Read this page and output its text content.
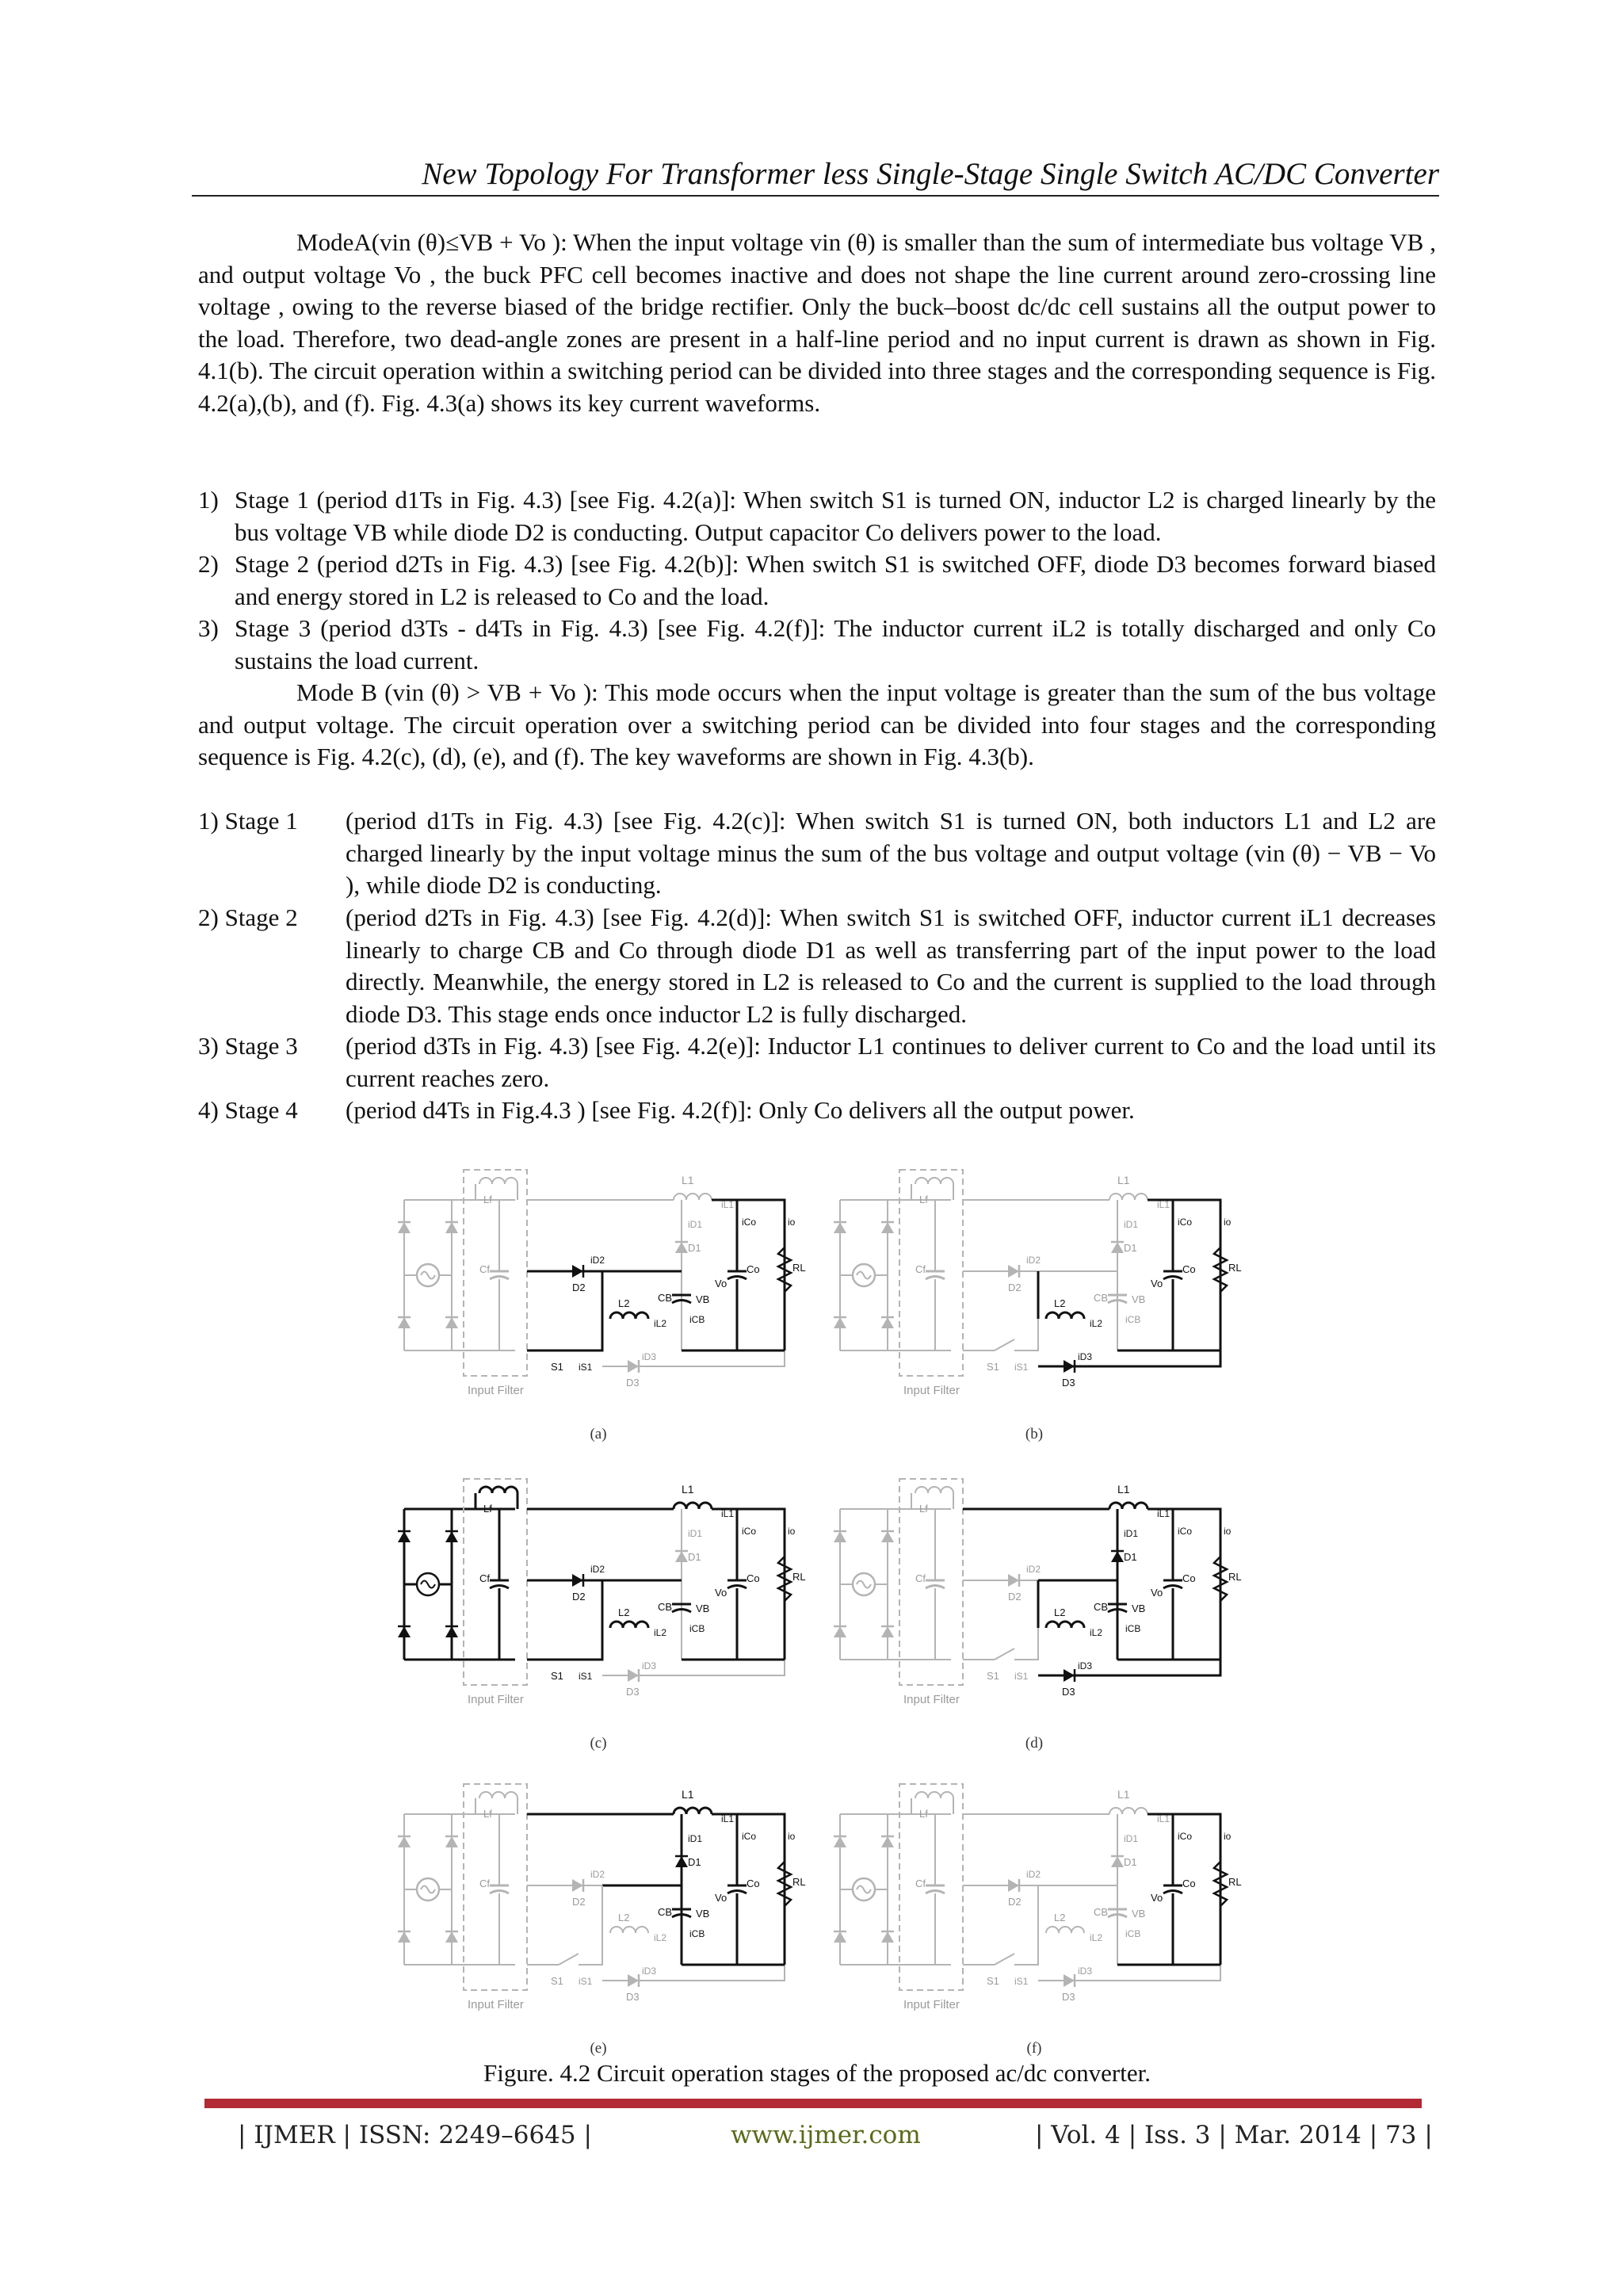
New Topology For Transformer less Single-Stage Single Switch AC/DC Converter
ModeA(vin (θ)≤VB + Vo ): When the input voltage vin (θ) is smaller than the sum of intermediate bus voltage VB , and output voltage Vo , the buck PFC cell becomes inactive and does not shape the line current around zero-crossing line voltage , owing to the reverse biased of the bridge rectifier. Only the buck–boost dc/dc cell sustains all the output power to the load. Therefore, two dead-angle zones are present in a half-line period and no input current is drawn as shown in Fig. 4.1(b). The circuit operation within a switching period can be divided into three stages and the corresponding sequence is Fig. 4.2(a),(b), and (f). Fig. 4.3(a) shows its key current waveforms.
1) Stage 1 (period d1Ts in Fig. 4.3) [see Fig. 4.2(a)]: When switch S1 is turned ON, inductor L2 is charged linearly by the bus voltage VB while diode D2 is conducting. Output capacitor Co delivers power to the load.
2) Stage 2 (period d2Ts in Fig. 4.3) [see Fig. 4.2(b)]: When switch S1 is switched OFF, diode D3 becomes forward biased and energy stored in L2 is released to Co and the load.
3) Stage 3 (period d3Ts - d4Ts in Fig. 4.3) [see Fig. 4.2(f)]: The inductor current iL2 is totally discharged and only Co sustains the load current.
Mode B (vin (θ) > VB + Vo ): This mode occurs when the input voltage is greater than the sum of the bus voltage and output voltage. The circuit operation over a switching period can be divided into four stages and the corresponding sequence is Fig. 4.2(c), (d), (e), and (f). The key waveforms are shown in Fig. 4.3(b).
1) Stage 1	(period d1Ts in Fig. 4.3) [see Fig. 4.2(c)]: When switch S1 is turned ON, both inductors L1 and L2 are charged linearly by the input voltage minus the sum of the bus voltage and output voltage (vin (θ) − VB − Vo ), while diode D2 is conducting.
2) Stage 2	(period d2Ts in Fig. 4.3) [see Fig. 4.2(d)]: When switch S1 is switched OFF, inductor current iL1 decreases linearly to charge CB and Co through diode D1 as well as transferring part of the input power to the load directly. Meanwhile, the energy stored in L2 is released to Co and the current is supplied to the load through diode D3. This stage ends once inductor L2 is fully discharged.
3) Stage 3	(period d3Ts in Fig. 4.3) [see Fig. 4.2(e)]: Inductor L1 continues to deliver current to Co and the load until its current reaches zero.
4) Stage 4	(period d4Ts in Fig.4.3 ) [see Fig. 4.2(f)]: Only Co delivers all the output power.
Lf
Cf
Input Filter
L1
iL1
D1
iD1
Co
iCo
Vo
RL
io
D2
iD2
CB VB
iCB
L2
iL2
S1 iS1
D3
iD3
(a)
Lf
Cf
Input Filter
L1
iL1
D1
iD1
Co
iCo
Vo
RL
io
D2
iD2
CB VB
iCB
L2
iL2
S1 iS1
D3
iD3
(b)
Lf
Cf
Input Filter
L1
iL1
D1
iD1
Co
iCo
Vo
RL
io
D2
iD2
CB VB
iCB
L2
iL2
S1 iS1
D3
iD3
(c)
Lf
Cf
Input Filter
L1
iL1
D1
iD1
Co
iCo
Vo
RL
io
D2
iD2
CB VB
iCB
L2
iL2
S1 iS1
D3
iD3
(d)
Lf
Cf
Input Filter
L1
iL1
D1
iD1
Co
iCo
Vo
RL
io
D2
iD2
CB VB
iCB
L2
iL2
S1 iS1
D3
iD3
(e)
Lf
Cf
Input Filter
L1
iL1
D1
iD1
Co
iCo
Vo
RL
io
D2
iD2
CB VB
iCB
L2
iL2
S1 iS1
D3
iD3
(f)
Figure. 4.2 Circuit operation stages of the proposed ac/dc converter.
| IJMER | ISSN: 2249–6645 |	www.ijmer.com	| Vol. 4 | Iss. 3 | Mar. 2014 | 73 |
